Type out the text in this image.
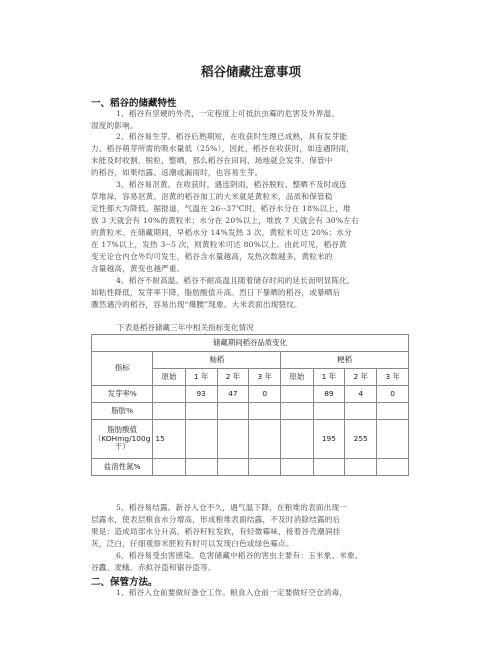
稻谷储藏注意事项
一、稻谷的储藏特性
1、稻谷有坚硬的外壳，一定程度上可抵抗虫霉的危害及外界温、
湿度的影响。
2、稻谷易生芽。稻谷后熟期短，在收获时生理已成熟，具有发芽能
力。稻谷萌芽所需的吸水量低（25%），因此，稻谷在收获时，如连遇阴雨，
未能及时收割、脱粒、整晒，那么稻谷在田间、场地就会发芽。保管中
的稻谷，如果结露、返潮或漏雨时，也容易生芽。
3、稻谷易沤黄。在收获时，遇连阴雨，稻谷脱粒、整晒不及时或连
草堆垛，容易沤黄。沤黄的稻谷加工的大米就是黄粒米，品质和保管稳
定性都大为降低。据报道，气温在 26--37℃时，稻谷水分在 18%以上，堆
放 3 天就会有 10%的黄粒米；水分在 20%以上，堆放 7 天就会有 30%左右
的黄粒米。在储藏期间，早稻水分 14%发热 3 次，黄粒米可达 20%；水分
在 17%以上，发热 3--5 次，则黄粒米可达 80%以上。由此可见，稻谷黄
变无论仓内仓外均可发生，稻谷含水量越高，发热次数越多，黄粒米的
含量越高，黄变也越严重。
4、稻谷不耐高温。稻谷不耐高温且随着储存时间的延长而明显陈化，
如粘性降低，发芽率下降，脂肪酸值升高。烈日下暴晒的稻谷，或暴晒后
骤然遇冷的稻谷，容易出现“爆腰”现象。大米表面出现裂纹。
下表是稻谷储藏三年中相关指标变化情况
储藏期间稻谷品质变化								
指标	籼稻				粳稻			
	原始	1 年	2 年	3 年	原始	1 年	2 年	3 年
发芽率%		93	47	0		89	4	0
脂肪%								

脂肪酸值
（KOHmg/100g
干）	15					195	255	
盐溶性氮%								
5、稻谷易结露。新谷入仓不久，遇气温下降，在粮堆的表面出现一
层露水，使表层粮食水分增高，形成粮堆表面结露，不及时消除结露的后
果是：造成局部水分升高，稻谷籽粒发软，有轻微霉味，接着谷壳潮润挂
灰，泛白，仔细观察米胚粒有时可以发现白色或绿色霉点。
6、稻谷易受虫害感染。危害储藏中稻谷的害虫主要有：玉米象、米象、
谷蠹、麦蛾、赤拟谷盗和锯谷盗等。
二、保管方法。
1、稻谷入仓前要做好备仓工作。粮食入仓前一定要做好空仓消毒，
